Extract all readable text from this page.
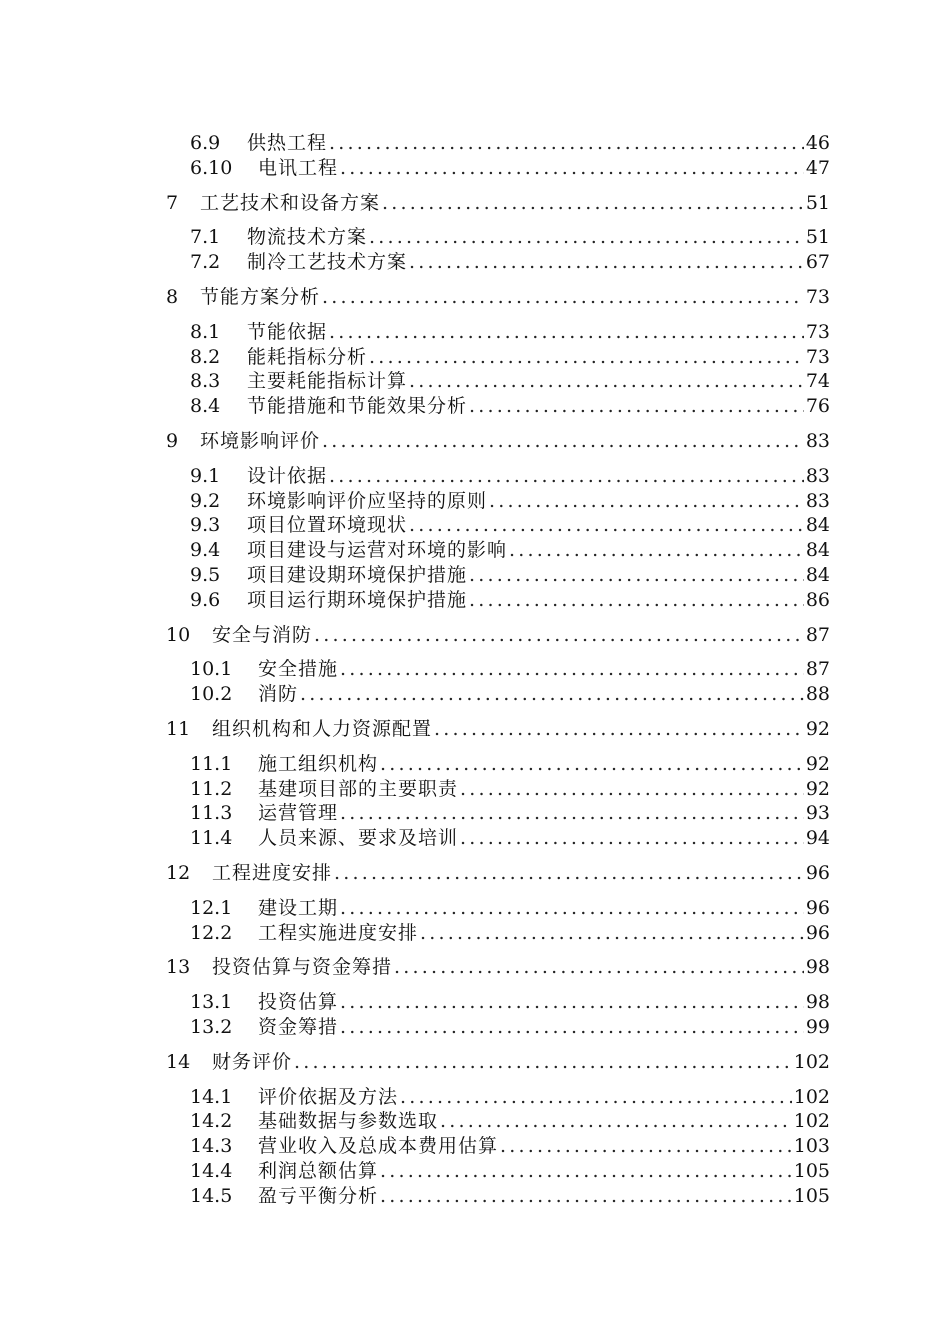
6.9	供热工程 .....	46
6.10	电讯工程 .....	47
7	工艺技术和设备方案 .....	51
7.1	物流技术方案 .....	51
7.2	制冷工艺技术方案 .....	67
8	节能方案分析 .....	73
8.1	节能依据 .....	73
8.2	能耗指标分析 .....	73
8.3	主要耗能指标计算 .....	74
8.4	节能措施和节能效果分析 .....	76
9	环境影响评价 .....	83
9.1	设计依据 .....	83
9.2	环境影响评价应坚持的原则 .....	83
9.3	项目位置环境现状 .....	84
9.4	项目建设与运营对环境的影响 .....	84
9.5	项目建设期环境保护措施 .....	84
9.6	项目运行期环境保护措施 .....	86
10	安全与消防 .....	87
10.1	安全措施 .....	87
10.2	消防 .....	88
11	组织机构和人力资源配置 .....	92
11.1	施工组织机构 .....	92
11.2	基建项目部的主要职责 .....	92
11.3	运营管理 .....	93
11.4	人员来源、要求及培训 .....	94
12	工程进度安排 .....	96
12.1	建设工期 .....	96
12.2	工程实施进度安排 .....	96
13	投资估算与资金筹措 .....	98
13.1	投资估算 .....	98
13.2	资金筹措 .....	99
14	财务评价 .....	102
14.1	评价依据及方法 .....	102
14.2	基础数据与参数选取 .....	102
14.3	营业收入及总成本费用估算 .....	103
14.4	利润总额估算 .....	105
14.5	盈亏平衡分析 .....	105
